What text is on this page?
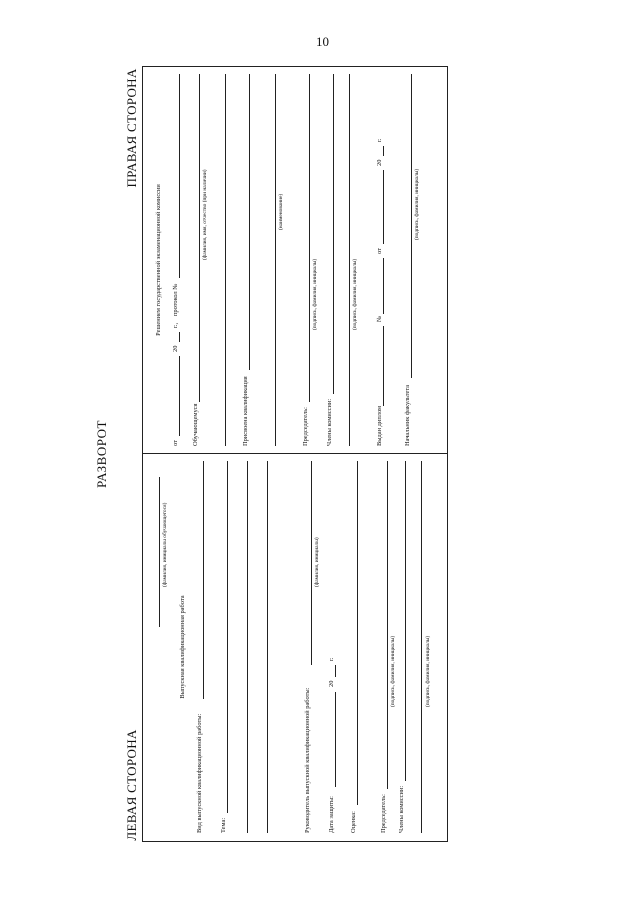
10
РАЗВОРОТ
ЛЕВАЯ СТОРОНА
ПРАВАЯ СТОРОНА
(фамилия, инициалы обучающегося)
Выпускная квалификационная работа
Вид выпускной квалификационной работы:	Тема:	Руководитель выпускной квалификационной работы:
(фамилия, инициалы)
Дата защиты:
20
г.
Оценка:	Председатель:
(подпись, фамилия, инициалы)
Члены комиссии:
(подпись, фамилия, инициалы)
Решением государственной экзаменационной комиссии
от
20
г.,
протокол №
Обучающемуся
(фамилия, имя, отчество (при наличии)
Присвоена квалификация
(наименование)
Председатель:
(подпись, фамилия, инициалы)
Члены комиссии:
(подпись, фамилия, инициалы)
Выдан диплом
№
от
20
г.
Начальник факультета
(подпись, фамилия, инициалы)
